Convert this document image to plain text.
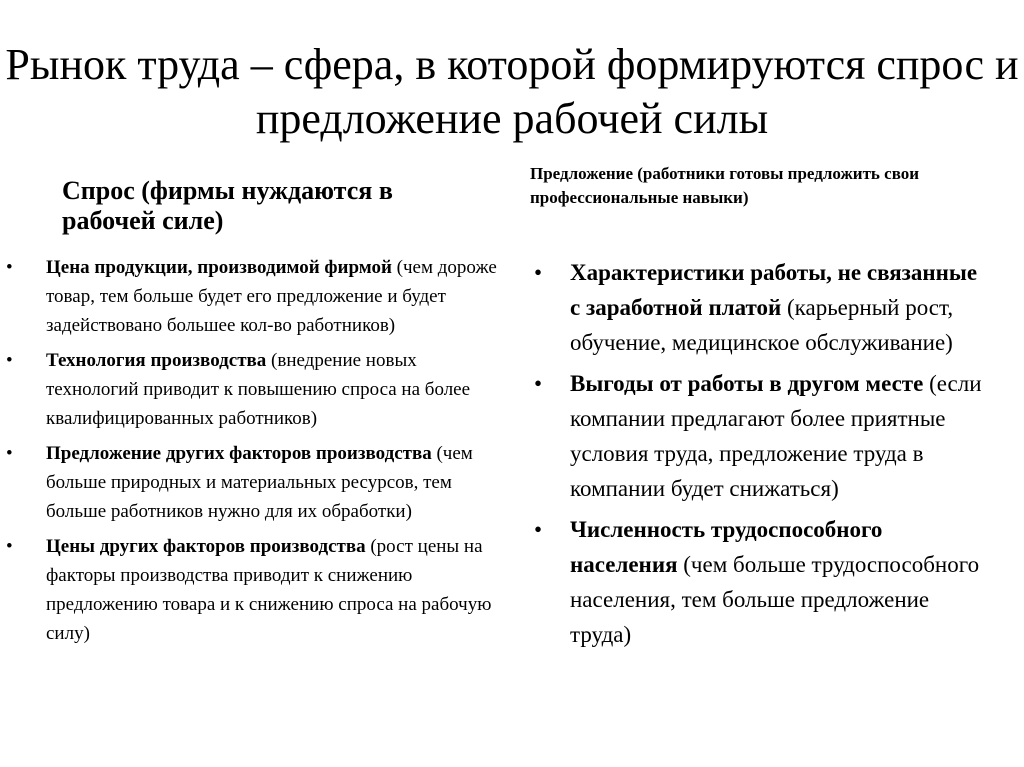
Рынок труда – сфера, в которой формируются спрос и предложение рабочей силы
Спрос (фирмы нуждаются в рабочей силе)
Предложение (работники готовы предложить свои профессиональные навыки)
• Цена продукции, производимой фирмой (чем дороже товар, тем больше будет его предложение и будет задействовано большее кол-во работников)
• Технология производства (внедрение новых технологий приводит к повышению спроса на более квалифицированных работников)
• Предложение других факторов производства (чем больше природных и материальных ресурсов, тем больше работников нужно для их обработки)
• Цены других факторов производства (рост цены на факторы производства приводит к снижению предложению товара и к снижению спроса на рабочую силу)
• Характеристики работы, не связанные с заработной платой (карьерный рост, обучение, медицинское обслуживание)
• Выгоды от работы в другом месте (если компании предлагают более приятные условия труда, предложение труда в компании будет снижаться)
• Численность трудоспособного населения (чем больше трудоспособного населения, тем больше предложение труда)
